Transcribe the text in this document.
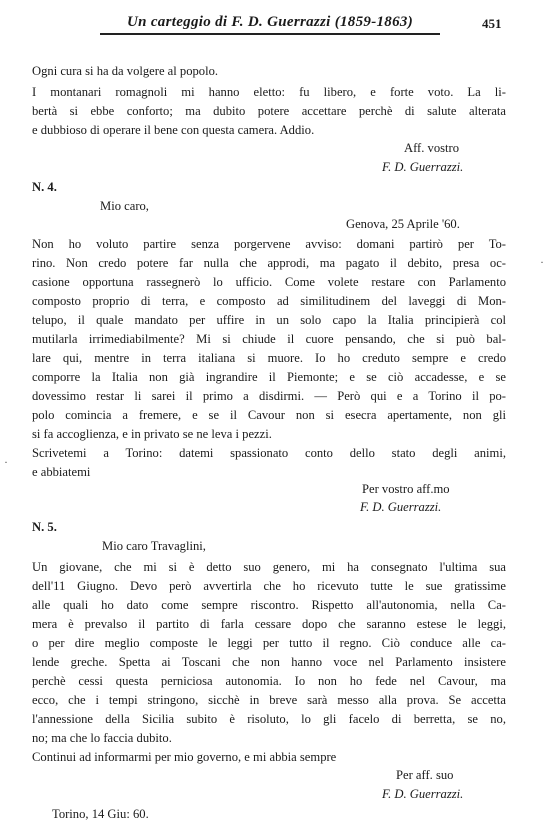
Un carteggio di F. D. Guerrazzi (1859-1863)	451
Ogni cura si ha da volgere al popolo.
I montanari romagnoli mi hanno eletto: fu libero, e forte voto. La li-
bertà si ebbe conforto; ma dubito potere accettare perchè di salute alterata
e dubbioso di operare il bene con questa camera. Addio.
Aff. vostro
F. D. Guerrazzi.
N. 4.
Mio caro,
Genova, 25 Aprile '60.
Non ho voluto partire senza porgervene avviso: domani partirò per To-
rino. Non credo potere far nulla che approdi, ma pagato il debito, presa oc-
casione opportuna rassegnerò lo ufficio. Come volete restare con Parlamento
composto proprio di terra, e composto ad similitudinem del laveggi di Mon-
telupo, il quale mandato per uffire in un solo capo la Italia principierà col
mutilarla irrimediabilmente? Mi si chiude il cuore pensando, che si può bal-
lare qui, mentre in terra italiana si muore. Io ho creduto sempre e credo
comporre la Italia non già ingrandire il Piemonte; e se ciò accadesse, e se
dovessimo restar li sarei il primo a disdirmi. — Però qui e a Torino il po-
polo comincia a fremere, e se il Cavour non si esecra apertamente, non gli
si fa accoglienza, e in privato se ne leva i pezzi.
Scrivetemi a Torino: datemi spassionato conto dello stato degli animi,
e abbiatemi
Per vostro aff.mo
F. D. Guerrazzi.
N. 5.
Mio caro Travaglini,
Un giovane, che mi si è detto suo genero, mi ha consegnato l'ultima sua
dell'11 Giugno. Devo però avvertirla che ho ricevuto tutte le sue gratissime
alle quali ho dato come sempre riscontro. Rispetto all'autonomia, nella Ca-
mera è prevalso il partito di farla cessare dopo che saranno estese le leggi,
o per dire meglio composte le leggi per tutto il regno. Ciò conduce alle ca-
lende greche. Spetta ai Toscani che non hanno voce nel Parlamento insistere
perchè cessi questa perniciosa autonomia. Io non ho fede nel Cavour, ma
ecco, che i tempi stringono, sicchè in breve sarà messo alla prova. Se accetta
l'annessione della Sicilia subito è risoluto, lo gli facelo di berretta, se no,
no; ma che lo faccia dubito.
Continui ad informarmi per mio governo, e mi abbia sempre
Per aff. suo
F. D. Guerrazzi.
Torino, 14 Giu: 60.
·
·
